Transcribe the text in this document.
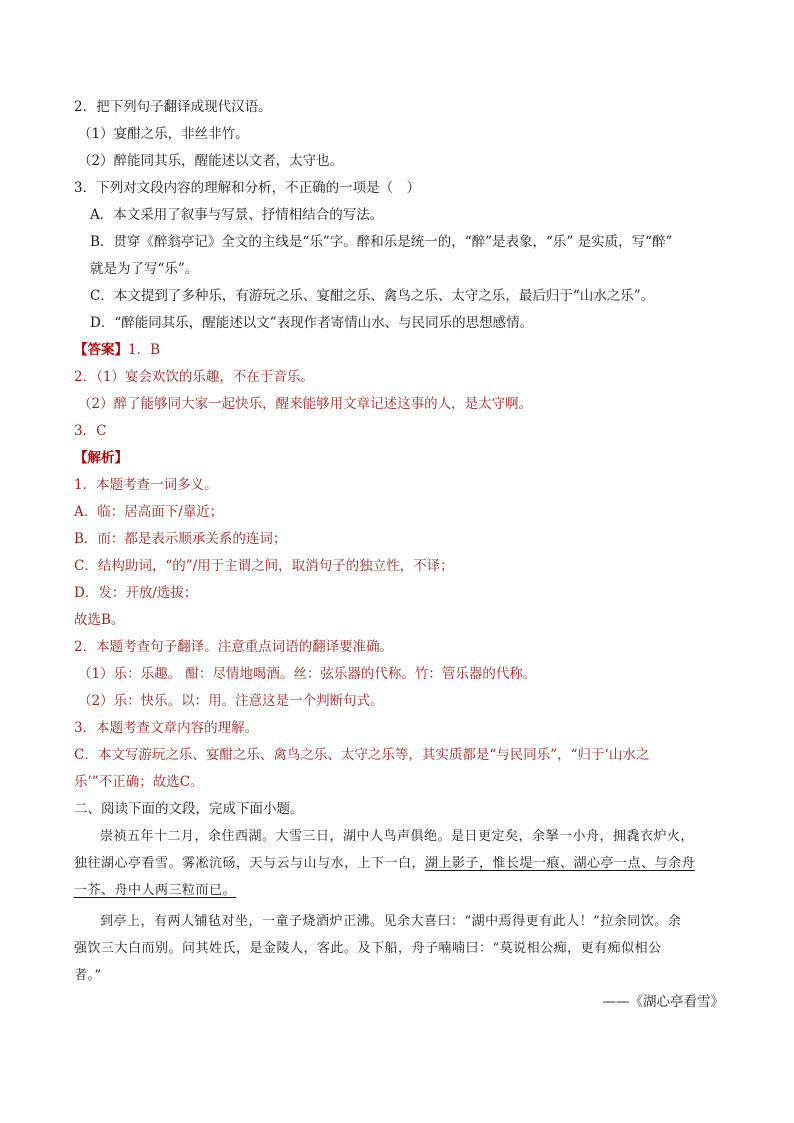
2．把下列句子翻译成现代汉语。
（1）宴酣之乐，非丝非竹。
（2）醉能同其乐，醒能述以文者，太守也。
3．下列对文段内容的理解和分析，不正确的一项是（　）
A．本文采用了叙事与写景、抒情相结合的写法。
B．贯穿《醉翁亭记》全文的主线是“乐”字。醉和乐是统一的，“醉”是表象，“乐” 是实质，写“醉”
就是为了写“乐”。
C．本文提到了多种乐，有游玩之乐、宴酣之乐、禽鸟之乐、太守之乐，最后归于“山水之乐”。
D．“醉能同其乐，醒能述以文”表现作者寄情山水、与民同乐的思想感情。
【答案】1．B
2．（1）宴会欢饮的乐趣，不在于音乐。
（2）醉了能够同大家一起快乐，醒来能够用文章记述这事的人，是太守啊。
3．C
【解析】
1．本题考查一词多义。
A．临：居高面下/靠近；
B．而：都是表示顺承关系的连词；
C．结构助词，“的”/用于主谓之间，取消句子的独立性，不译；
D．发：开放/选拔；
故选B。
2．本题考查句子翻译。注意重点词语的翻译要准确。
（1）乐：乐趣。 酣：尽情地喝酒。丝：弦乐器的代称。竹：管乐器的代称。
（2）乐：快乐。以：用。注意这是一个判断句式。
3．本题考查文章内容的理解。
C．本文写游玩之乐、宴酣之乐、禽鸟之乐、太守之乐等，其实质都是“与民同乐”，“归于‘山水之
乐’”不正确；故选C。
二、阅读下面的文段，完成下面小题。
崇祯五年十二月，余住西湖。大雪三日，湖中人鸟声俱绝。是日更定矣，余拏一小舟，拥毳衣炉火，
独往湖心亭看雪。雾凇沆砀，天与云与山与水，上下一白，湖上影子，惟长堤一痕、湖心亭一点、与余舟
一芥、舟中人两三粒而已。
到亭上，有两人铺毡对坐，一童子烧酒炉正沸。见余大喜曰：“湖中焉得更有此人！”拉余同饮。余
强饮三大白而别。问其姓氏，是金陵人，客此。及下船，舟子喃喃曰：“莫说相公痴，更有痴似相公
者。”
——《湖心亭看雪》
